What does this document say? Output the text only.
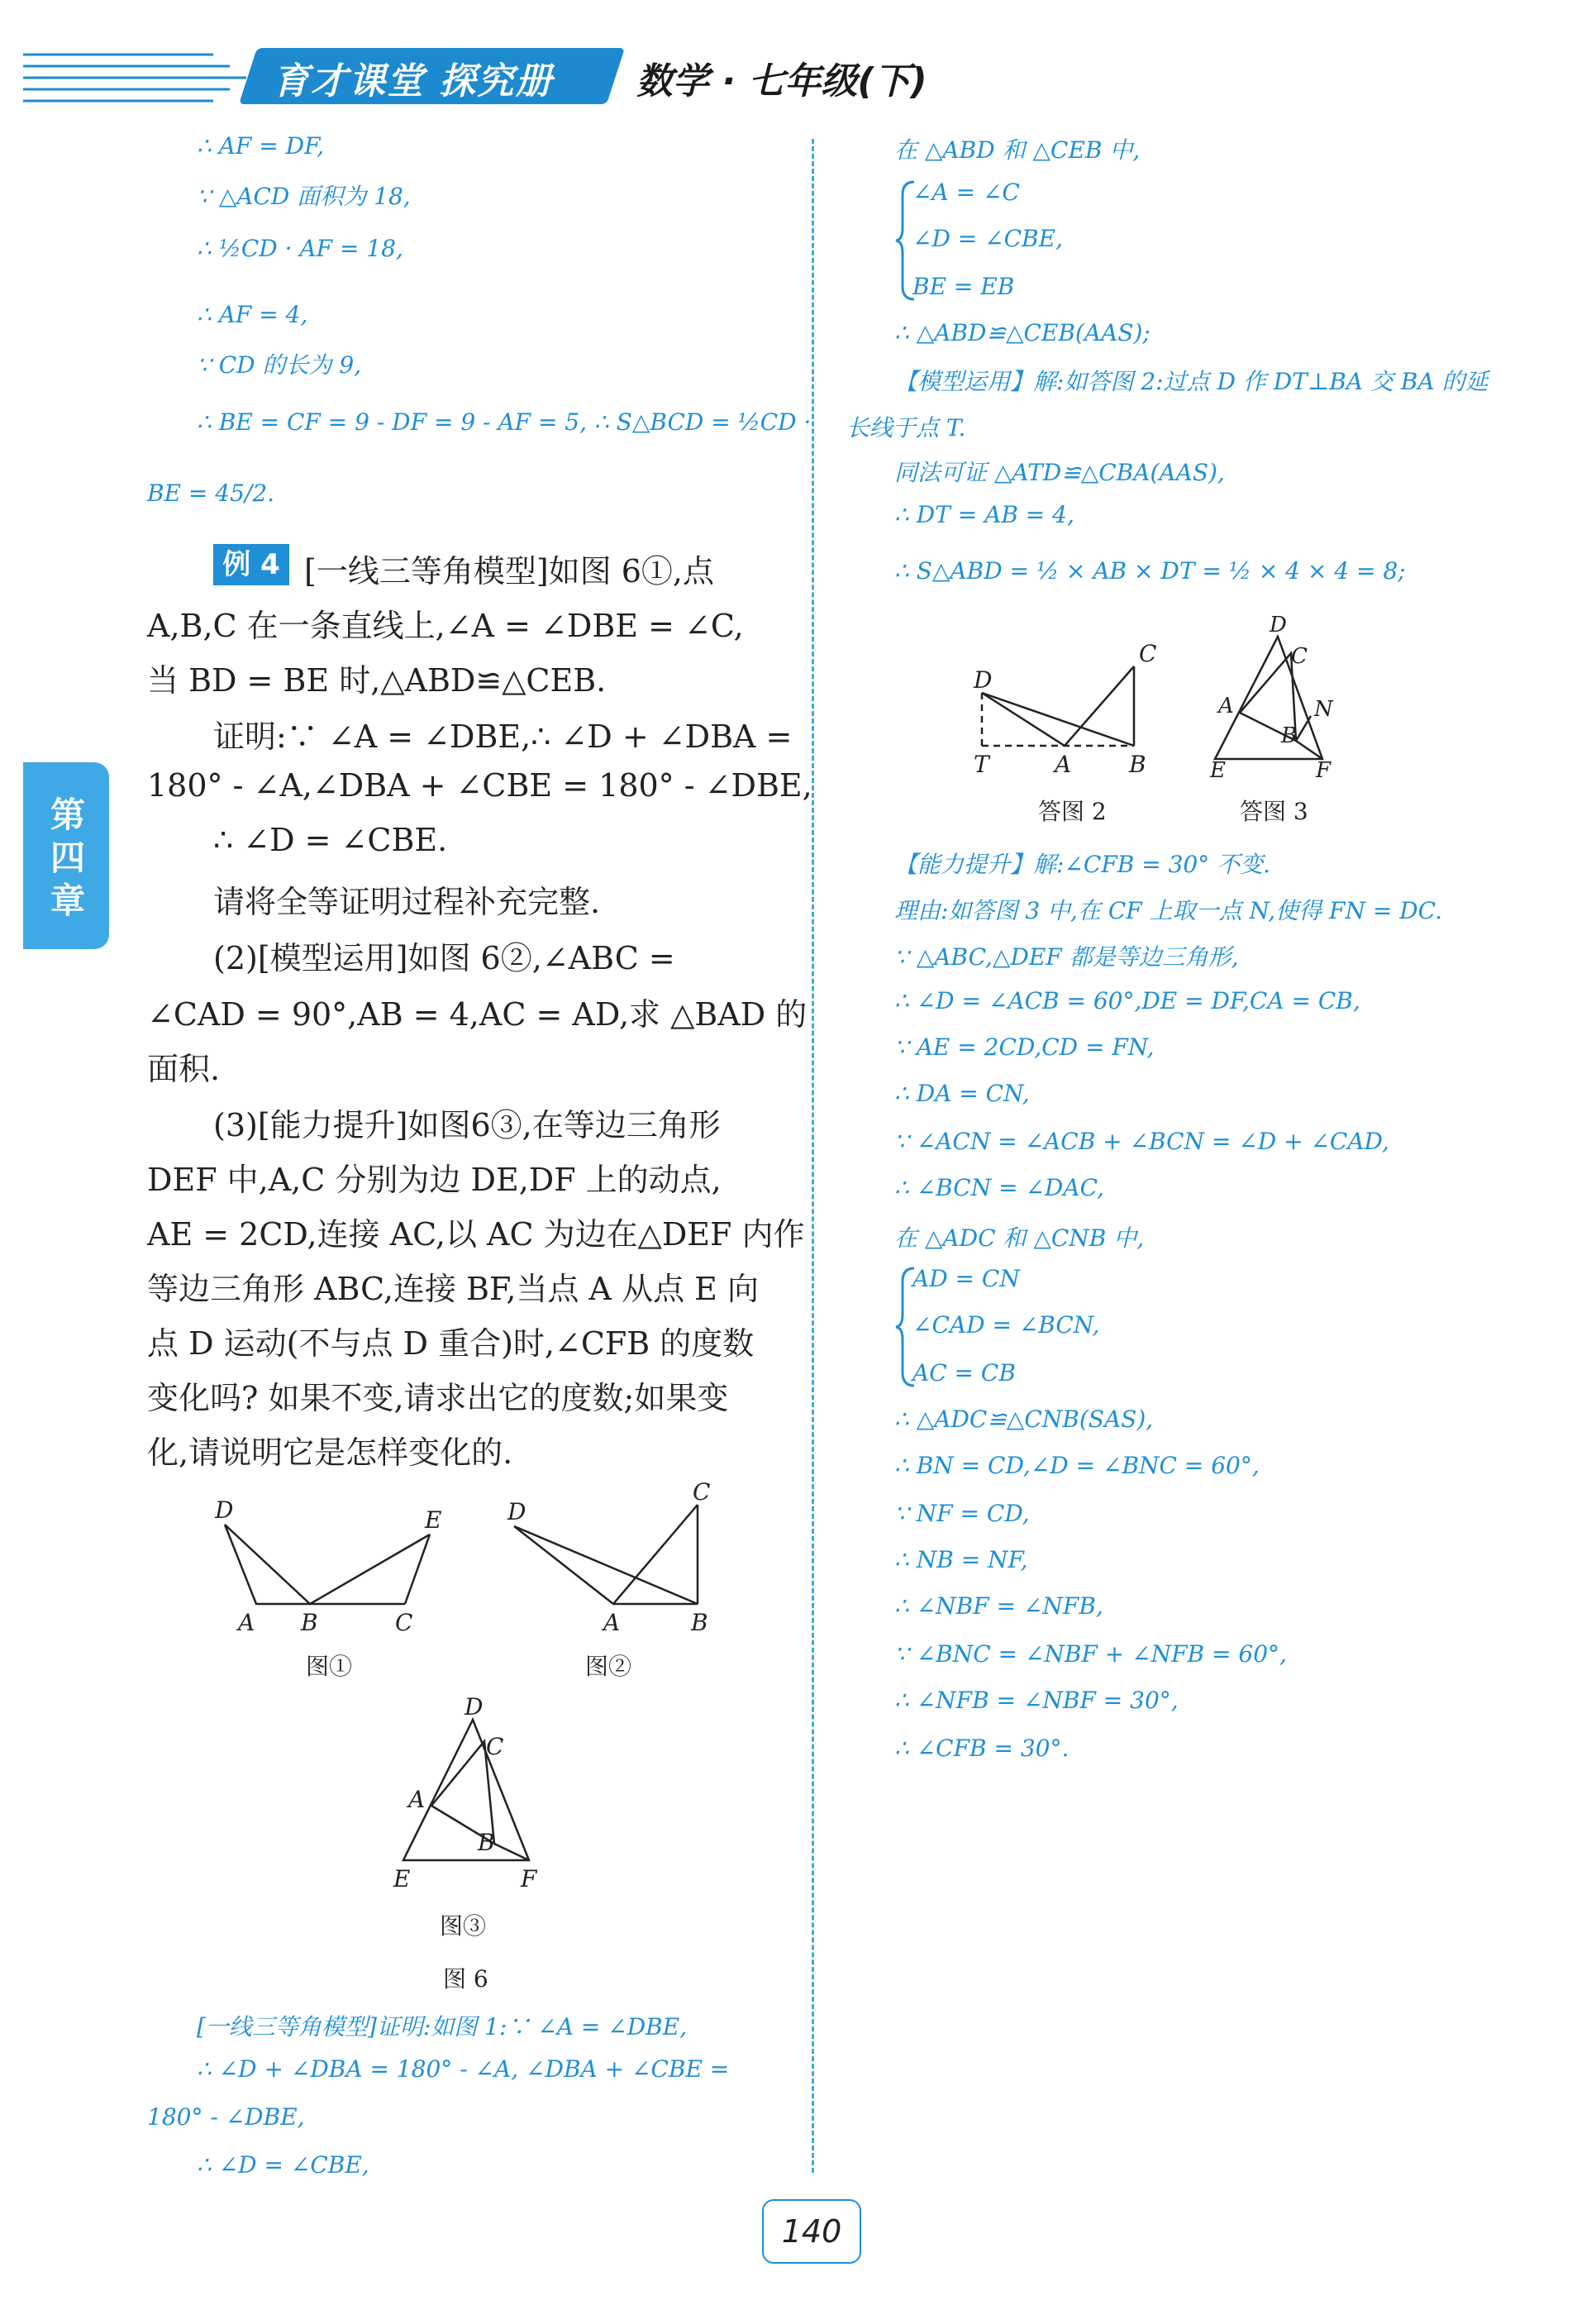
育才课堂 探究册 数学 · 七年级(下)
第四章
∴ AF = DF,
∵ △ACD 面积为 18,
∴ ½CD · AF = 18,
∴ AF = 4,
∵ CD 的长为 9,
∴ BE = CF = 9 - DF = 9 - AF = 5, ∴ S△BCD = ½CD ·
BE = 45/2.
例 4 [一线三等角模型]如图 6①,点
A,B,C 在一条直线上,∠A = ∠DBE = ∠C,
当 BD = BE 时,△ABD≌△CEB.
证明:∵ ∠A = ∠DBE,∴ ∠D + ∠DBA =
180° - ∠A,∠DBA + ∠CBE = 180° - ∠DBE,
∴ ∠D = ∠CBE.
请将全等证明过程补充完整.
(2)[模型运用]如图 6②,∠ABC =
∠CAD = 90°,AB = 4,AC = AD,求 △BAD 的
面积.
(3)[能力提升]如图6③,在等边三角形
DEF 中,A,C 分别为边 DE,DF 上的动点,
AE = 2CD,连接 AC,以 AC 为边在△DEF 内作
等边三角形 ABC,连接 BF,当点 A 从点 E 向
点 D 运动(不与点 D 重合)时,∠CFB 的度数
变化吗? 如果不变,请求出它的度数;如果变
化,请说明它是怎样变化的.
D	E
A B	C
图①
D
C
A	B
图②
D
C
A
B
E	F
图③
图 6
[一线三等角模型]证明:如图 1:∵ ∠A = ∠DBE,
∴ ∠D + ∠DBA = 180° - ∠A, ∠DBA + ∠CBE =
180° - ∠DBE,
∴ ∠D = ∠CBE,
在 △ABD 和 △CEB 中,
∠A = ∠C
∠D = ∠CBE,
BE = EB
∴ △ABD≌△CEB(AAS);
【模型运用】解:如答图 2:过点 D 作 DT⊥BA 交 BA 的延
长线于点 T.
同法可证 △ATD≌△CBA(AAS),
∴ DT = AB = 4,
∴ S△ABD = ½ × AB × DT = ½ × 4 × 4 = 8;
D
C
T	A B
答图 2
D
C
A
B
N
E	F
答图 3
【能力提升】解:∠CFB = 30° 不变.
理由:如答图 3 中,在 CF 上取一点 N,使得 FN = DC.
∵ △ABC,△DEF 都是等边三角形,
∴ ∠D = ∠ACB = 60°,DE = DF,CA = CB,
∵ AE = 2CD,CD = FN,
∴ DA = CN,
∵ ∠ACN = ∠ACB + ∠BCN = ∠D + ∠CAD,
∴ ∠BCN = ∠DAC,
在 △ADC 和 △CNB 中,
AD = CN
∠CAD = ∠BCN,
AC = CB
∴ △ADC≌△CNB(SAS),
∴ BN = CD,∠D = ∠BNC = 60°,
∵ NF = CD,
∴ NB = NF,
∴ ∠NBF = ∠NFB,
∵ ∠BNC = ∠NBF + ∠NFB = 60°,
∴ ∠NFB = ∠NBF = 30°,
∴ ∠CFB = 30°.
140
